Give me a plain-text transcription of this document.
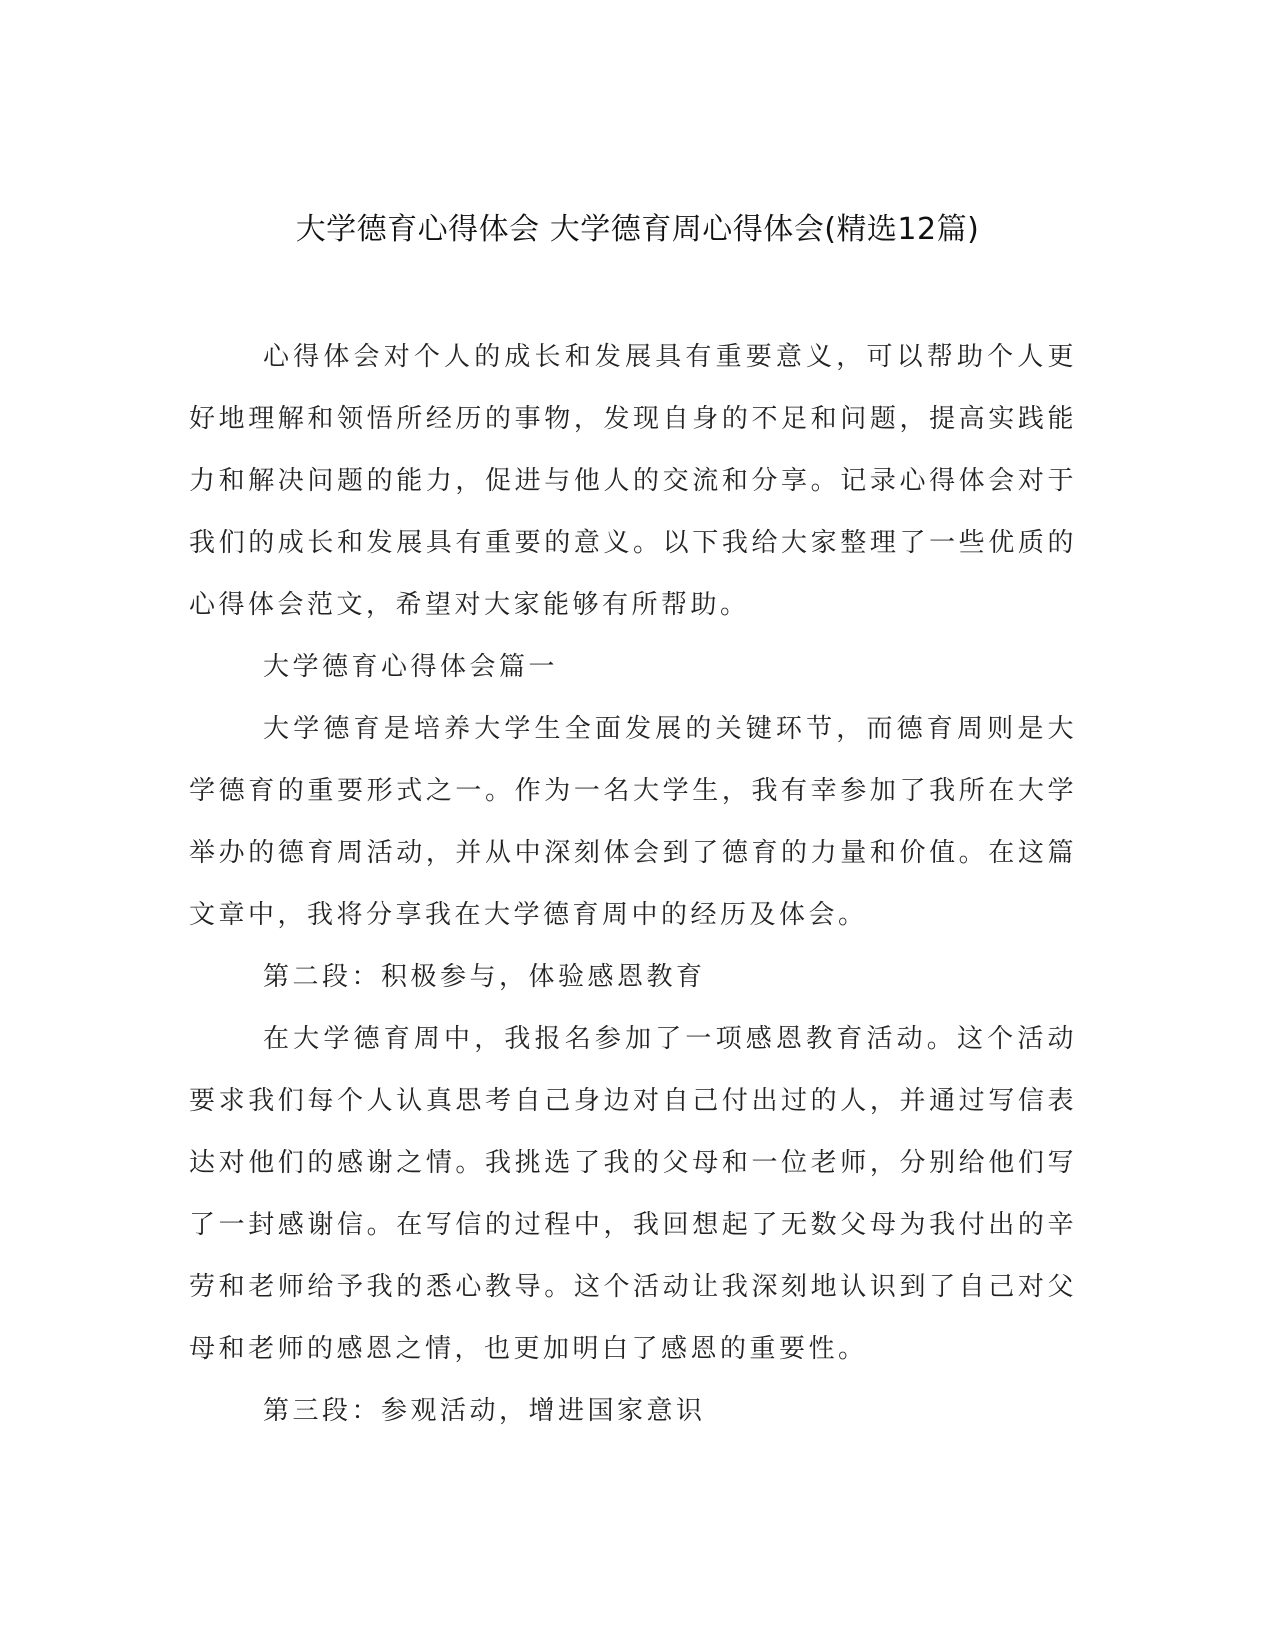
大学德育心得体会 大学德育周心得体会(精选12篇)

心得体会对个人的成长和发展具有重要意义，可以帮助个人更好地理解和领悟所经历的事物，发现自身的不足和问题，提高实践能力和解决问题的能力，促进与他人的交流和分享。记录心得体会对于我们的成长和发展具有重要的意义。以下我给大家整理了一些优质的心得体会范文，希望对大家能够有所帮助。

大学德育心得体会篇一

大学德育是培养大学生全面发展的关键环节，而德育周则是大学德育的重要形式之一。作为一名大学生，我有幸参加了我所在大学举办的德育周活动，并从中深刻体会到了德育的力量和价值。在这篇文章中，我将分享我在大学德育周中的经历及体会。

第二段：积极参与，体验感恩教育

在大学德育周中，我报名参加了一项感恩教育活动。这个活动要求我们每个人认真思考自己身边对自己付出过的人，并通过写信表达对他们的感谢之情。我挑选了我的父母和一位老师，分别给他们写了一封感谢信。在写信的过程中，我回想起了无数父母为我付出的辛劳和老师给予我的悉心教导。这个活动让我深刻地认识到了自己对父母和老师的感恩之情，也更加明白了感恩的重要性。

第三段：参观活动，增进国家意识
